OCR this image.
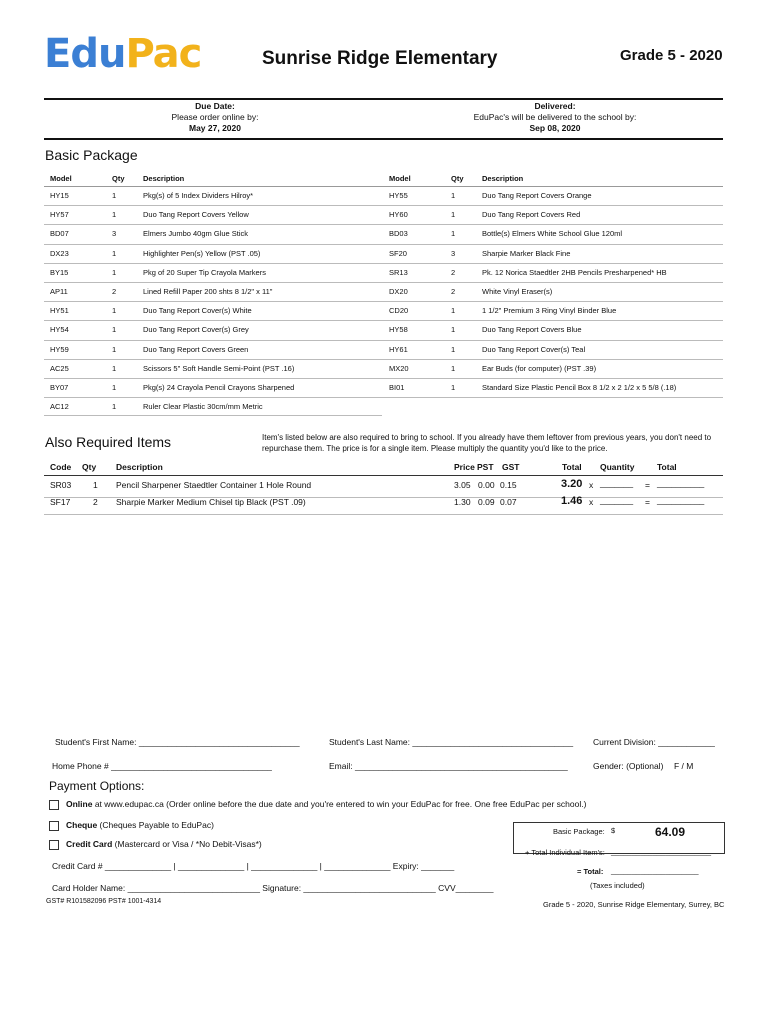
EduPac	Sunrise Ridge Elementary	Grade 5 - 2020
Due Date:
Please order online by:
May 27, 2020
Delivered:
EduPac's will be delivered to the school by:
Sep 08, 2020
Basic Package
Model	Qty Description	Model	Qty Description
HY15	1	Pkg(s) of 5 Index Dividers Hilroy*	HY55	1	Duo Tang Report Covers Orange
HY57	1	Duo Tang Report Covers Yellow	HY60	1	Duo Tang Report Covers Red
BD07	3	Elmers Jumbo 40gm Glue Stick	BD03	1	Bottle(s) Elmers White School Glue 120ml
DX23	1	Highlighter Pen(s) Yellow (PST .05)	SF20	3	Sharpie Marker Black Fine
BY15	1	Pkg of 20 Super Tip Crayola Markers	SR13	2	Pk. 12 Norica Staedtler 2HB Pencils Presharpened* HB
AP11	2	Lined Refill Paper 200 shts 8 1/2" x 11"	DX20	2	White Vinyl Eraser(s)
HY51	1	Duo Tang Report Cover(s) White	CD20	1	1 1/2" Premium 3 Ring Vinyl Binder Blue
HY54	1	Duo Tang Report Cover(s) Grey	HY58	1	Duo Tang Report Covers Blue
HY59	1	Duo Tang Report Covers Green	HY61	1	Duo Tang Report Cover(s) Teal
AC25	1	Scissors 5" Soft Handle Semi-Point (PST .16)	MX20	1	Ear Buds (for computer) (PST .39)
BY07	1	Pkg(s) 24 Crayola Pencil Crayons Sharpened	BI01	1	Standard Size Plastic Pencil Box 8 1/2 x 2 1/2 x 5 5/8 (.18)
AC12	1	Ruler Clear Plastic 30cm/mm Metric
Also Required Items	Item's listed below are also required to bring to school. If you already have them leftover from previous years, you don't need to repurchase them. The price is for a single item. Please multiply the quantity you'd like to the price.
Code Qty Description	Price PST GST	Total Quantity	Total
SR03	1 Pencil Sharpener Staedtler Container 1 Hole Round	3.05 0.00 0.15	3.20 x _______ = __________
SF17	2 Sharpie Marker Medium Chisel tip Black (PST .09)	1.30 0.09 0.07	1.46 x _______ = __________
Student's First Name: __________________________________	Student's Last Name: __________________________________ Current Division: ____________
Home Phone # __________________________________	Email: _____________________________________________	Gender: (Optional) F / M
Payment Options:
Online at www.edupac.ca (Order online before the due date and you're entered to win your EduPac for free. One free EduPac per school.)
Cheque (Cheques Payable to EduPac)
Credit Card (Mastercard or Visa / *No Debit-Visas*)
Credit Card # ______________ | ______________ | ______________ | ______________ Expiry: _______
Card Holder Name: ____________________________ Signature: ____________________________ CVV________
GST# R101582096 PST# 1001-4314
Basic Package: $	64.09
+ Total Individual Item's: ________________________
= Total: _____________________
(Taxes included)
Grade 5 - 2020, Sunrise Ridge Elementary, Surrey, BC
